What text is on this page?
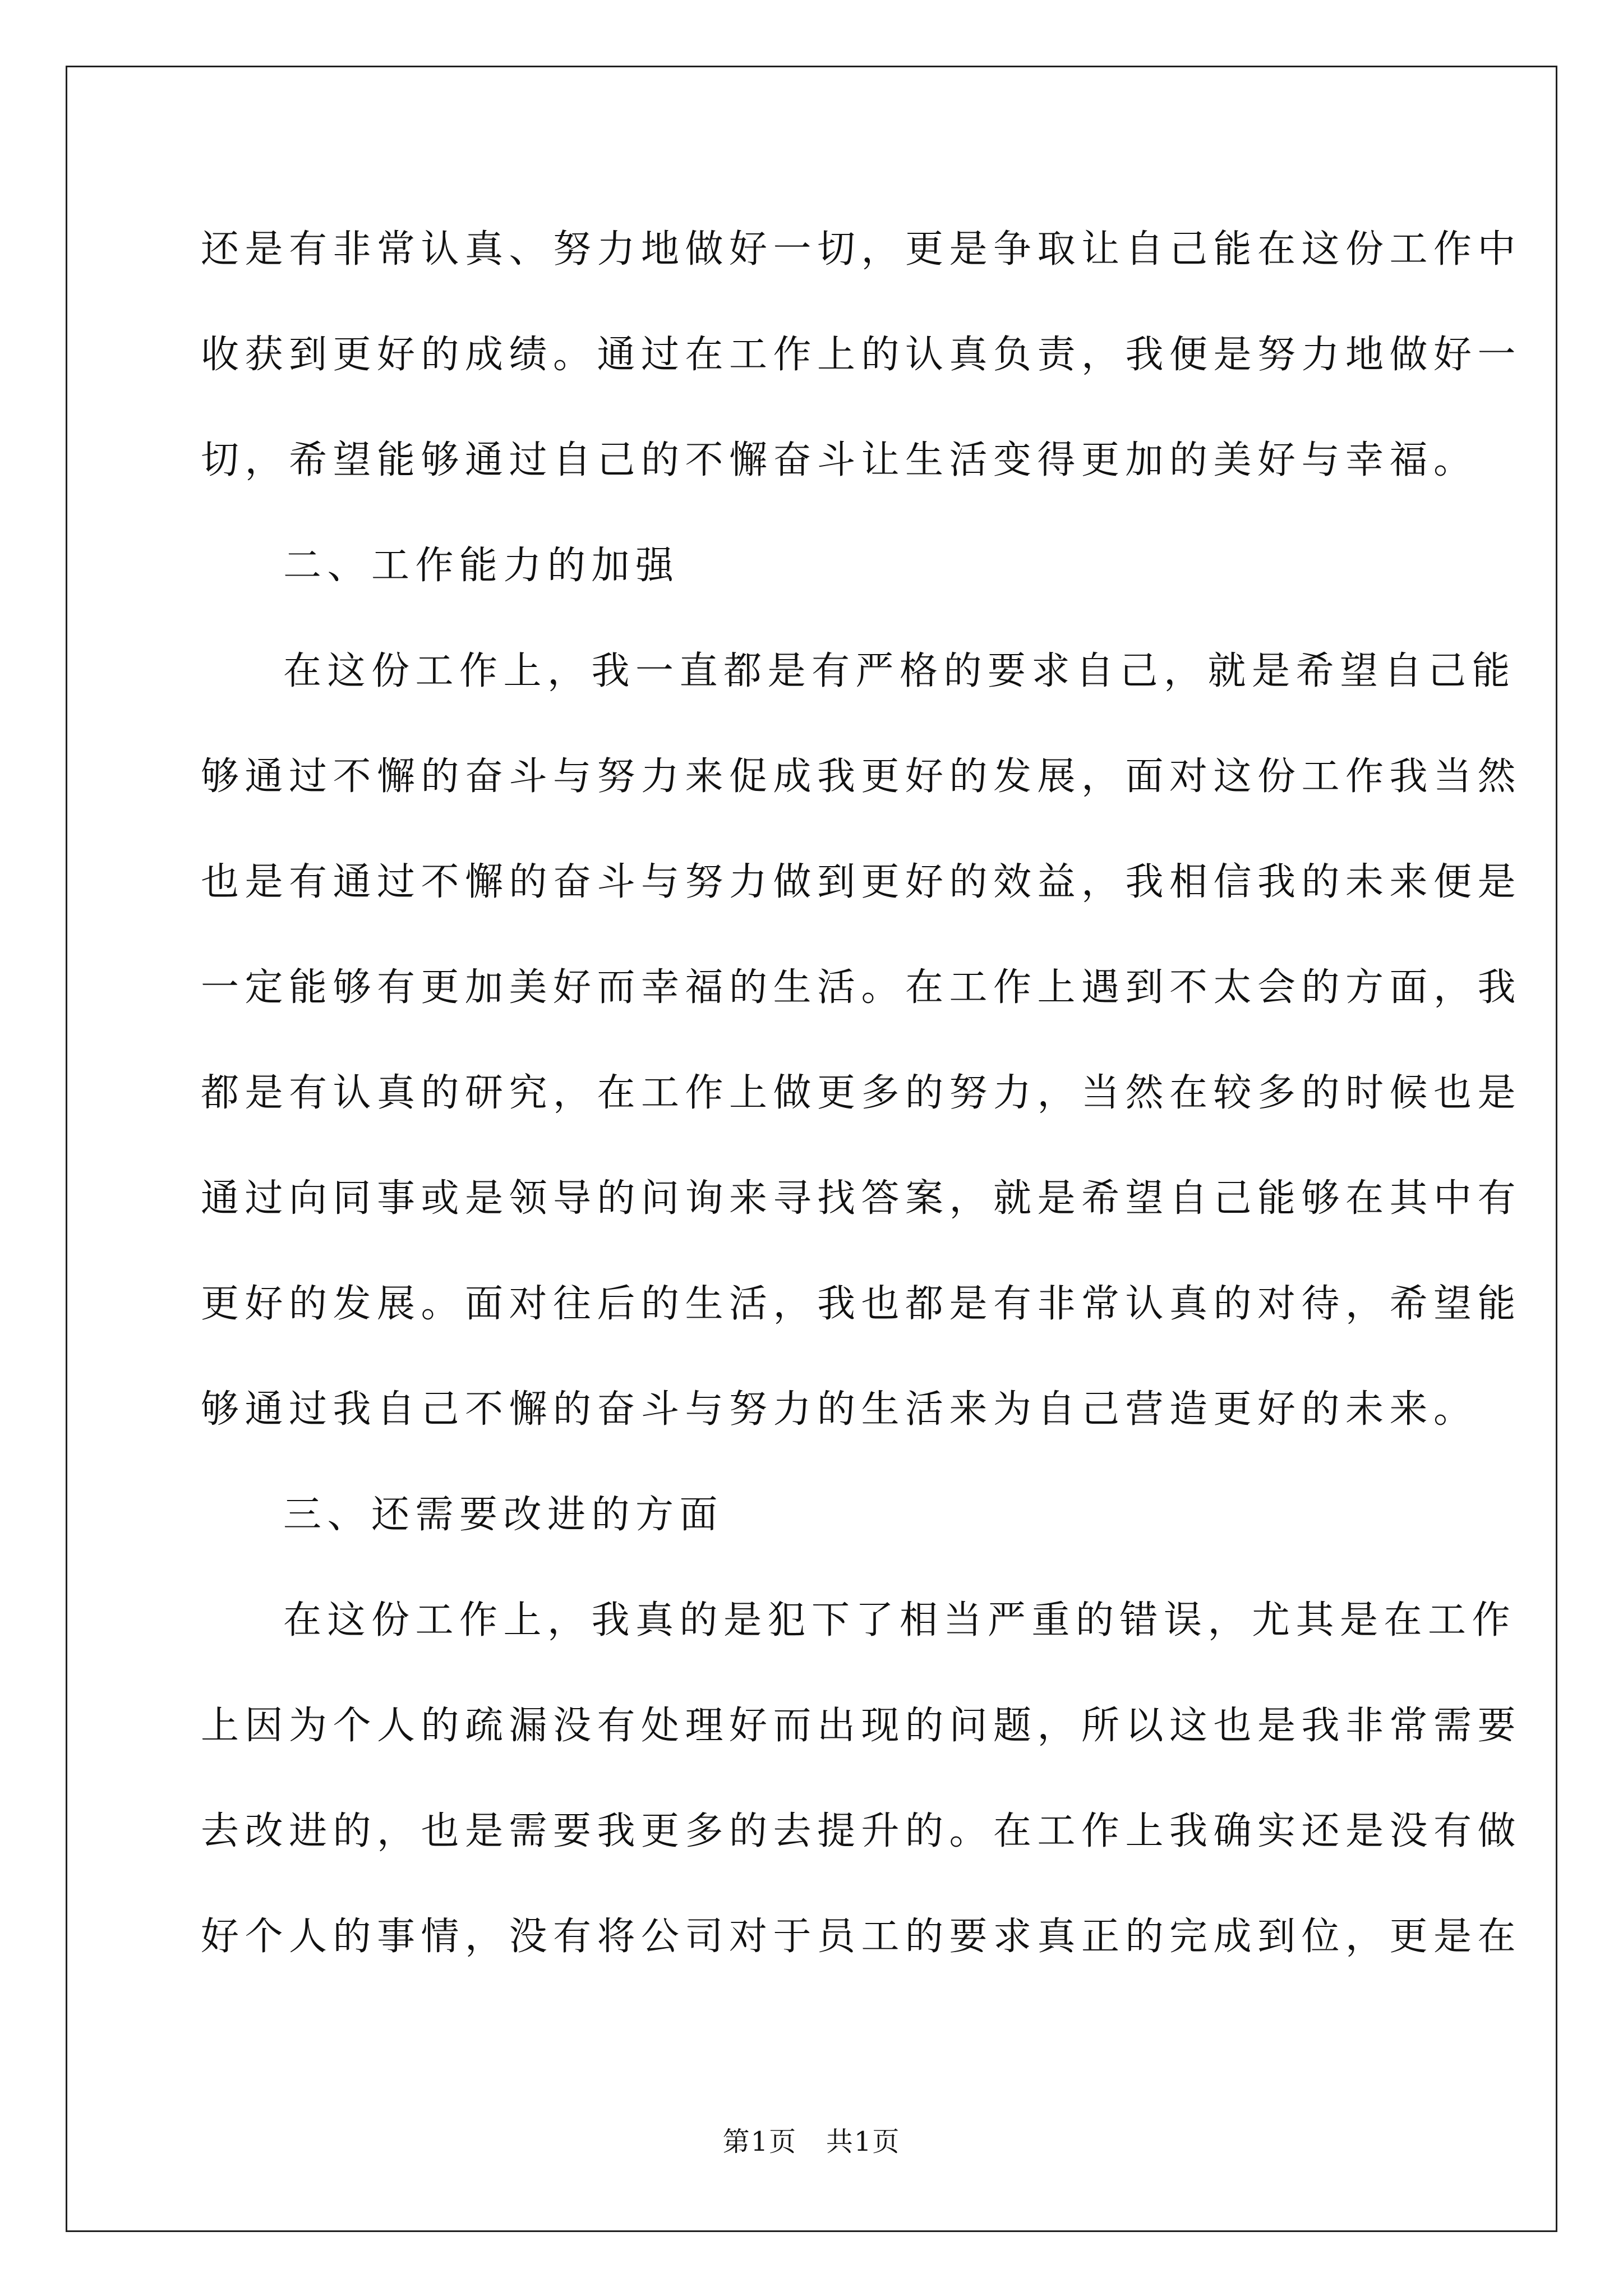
还是有非常认真、努力地做好一切，更是争取让自己能在这份工作中
收获到更好的成绩。通过在工作上的认真负责，我便是努力地做好一
切，希望能够通过自己的不懈奋斗让生活变得更加的美好与幸福。
二、工作能力的加强
在这份工作上，我一直都是有严格的要求自己，就是希望自己能
够通过不懈的奋斗与努力来促成我更好的发展，面对这份工作我当然
也是有通过不懈的奋斗与努力做到更好的效益，我相信我的未来便是
一定能够有更加美好而幸福的生活。在工作上遇到不太会的方面，我
都是有认真的研究，在工作上做更多的努力，当然在较多的时候也是
通过向同事或是领导的问询来寻找答案，就是希望自己能够在其中有
更好的发展。面对往后的生活，我也都是有非常认真的对待，希望能
够通过我自己不懈的奋斗与努力的生活来为自己营造更好的未来。
三、还需要改进的方面
在这份工作上，我真的是犯下了相当严重的错误，尤其是在工作
上因为个人的疏漏没有处理好而出现的问题，所以这也是我非常需要
去改进的，也是需要我更多的去提升的。在工作上我确实还是没有做
好个人的事情，没有将公司对于员工的要求真正的完成到位，更是在
第1页   共1页
